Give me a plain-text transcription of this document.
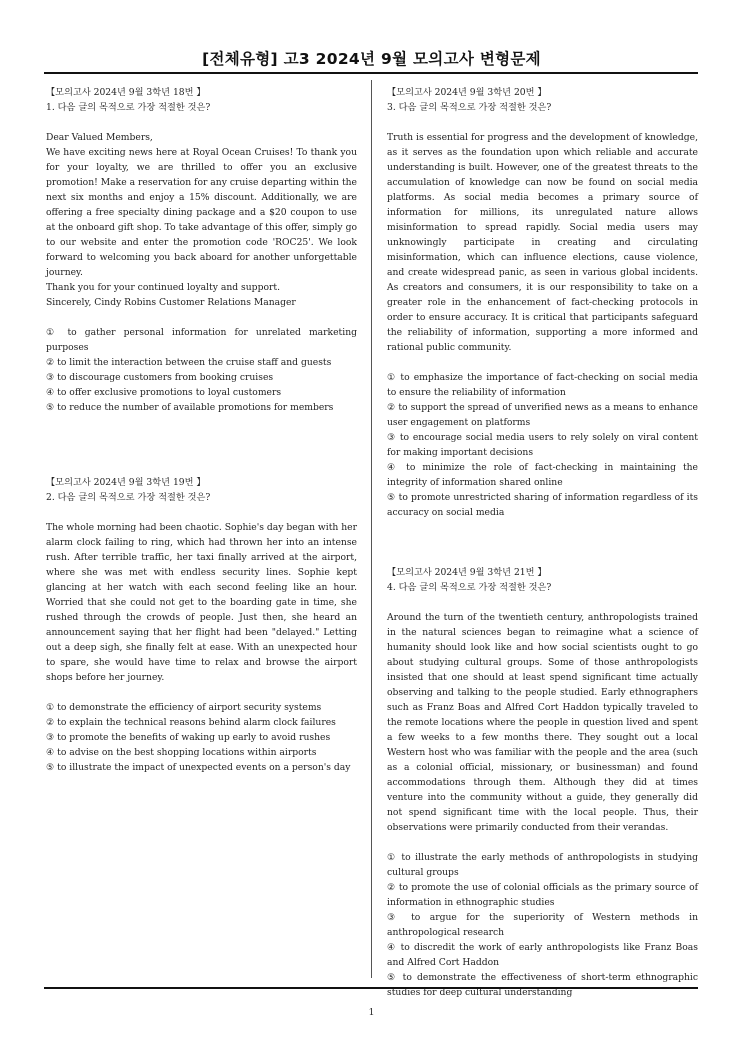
[전체유형] 고3 2024년 9월 모의고사 변형문제
【모의고사 2024년 9월 3학년 18번 】
1. 다음 글의 목적으로 가장 적절한 것은?

Dear Valued Members,

We have exciting news here at Royal Ocean Cruises! To thank you for your loyalty, we are thrilled to offer you an exclusive promotion! Make a reservation for any cruise departing within the next six months and enjoy a 15% discount. Additionally, we are offering a free specialty dining package and a $20 coupon to use at the onboard gift shop. To take advantage of this offer, simply go to our website and enter the promotion code 'ROC25'. We look forward to welcoming you back aboard for another unforgettable journey.

Thank you for your continued loyalty and support.

Sincerely, Cindy Robins Customer Relations Manager

① to gather personal information for unrelated marketing purposes
② to limit the interaction between the cruise staff and guests
③ to discourage customers from booking cruises
④ to offer exclusive promotions to loyal customers
⑤ to reduce the number of available promotions for members
【모의고사 2024년 9월 3학년 19번 】
2. 다음 글의 목적으로 가장 적절한 것은?

The whole morning had been chaotic. Sophie's day began with her alarm clock failing to ring, which had thrown her into an intense rush. After terrible traffic, her taxi finally arrived at the airport, where she was met with endless security lines. Sophie kept glancing at her watch with each second feeling like an hour. Worried that she could not get to the boarding gate in time, she rushed through the crowds of people. Just then, she heard an announcement saying that her flight had been "delayed." Letting out a deep sigh, she finally felt at ease. With an unexpected hour to spare, she would have time to relax and browse the airport shops before her journey.

① to demonstrate the efficiency of airport security systems
② to explain the technical reasons behind alarm clock failures
③ to promote the benefits of waking up early to avoid rushes
④ to advise on the best shopping locations within airports
⑤ to illustrate the impact of unexpected events on a person's day
【모의고사 2024년 9월 3학년 20번 】
3. 다음 글의 목적으로 가장 적절한 것은?

Truth is essential for progress and the development of knowledge, as it serves as the foundation upon which reliable and accurate understanding is built. However, one of the greatest threats to the accumulation of knowledge can now be found on social media platforms. As social media becomes a primary source of information for millions, its unregulated nature allows misinformation to spread rapidly. Social media users may unknowingly participate in creating and circulating misinformation, which can influence elections, cause violence, and create widespread panic, as seen in various global incidents. As creators and consumers, it is our responsibility to take on a greater role in the enhancement of fact-checking protocols in order to ensure accuracy. It is critical that participants safeguard the reliability of information, supporting a more informed and rational public community.

① to emphasize the importance of fact-checking on social media to ensure the reliability of information
② to support the spread of unverified news as a means to enhance user engagement on platforms
③ to encourage social media users to rely solely on viral content for making important decisions
④ to minimize the role of fact-checking in maintaining the integrity of information shared online
⑤ to promote unrestricted sharing of information regardless of its accuracy on social media
【모의고사 2024년 9월 3학년 21번 】
4. 다음 글의 목적으로 가장 적절한 것은?

Around the turn of the twentieth century, anthropologists trained in the natural sciences began to reimagine what a science of humanity should look like and how social scientists ought to go about studying cultural groups. Some of those anthropologists insisted that one should at least spend significant time actually observing and talking to the people studied. Early ethnographers such as Franz Boas and Alfred Cort Haddon typically traveled to the remote locations where the people in question lived and spent a few weeks to a few months there. They sought out a local Western host who was familiar with the people and the area (such as a colonial official, missionary, or businessman) and found accommodations through them. Although they did at times venture into the community without a guide, they generally did not spend significant time with the local people. Thus, their observations were primarily conducted from their verandas.

① to illustrate the early methods of anthropologists in studying cultural groups
② to promote the use of colonial officials as the primary source of information in ethnographic studies
③ to argue for the superiority of Western methods in anthropological research
④ to discredit the work of early anthropologists like Franz Boas and Alfred Cort Haddon
⑤ to demonstrate the effectiveness of short-term ethnographic studies for deep cultural understanding
1
